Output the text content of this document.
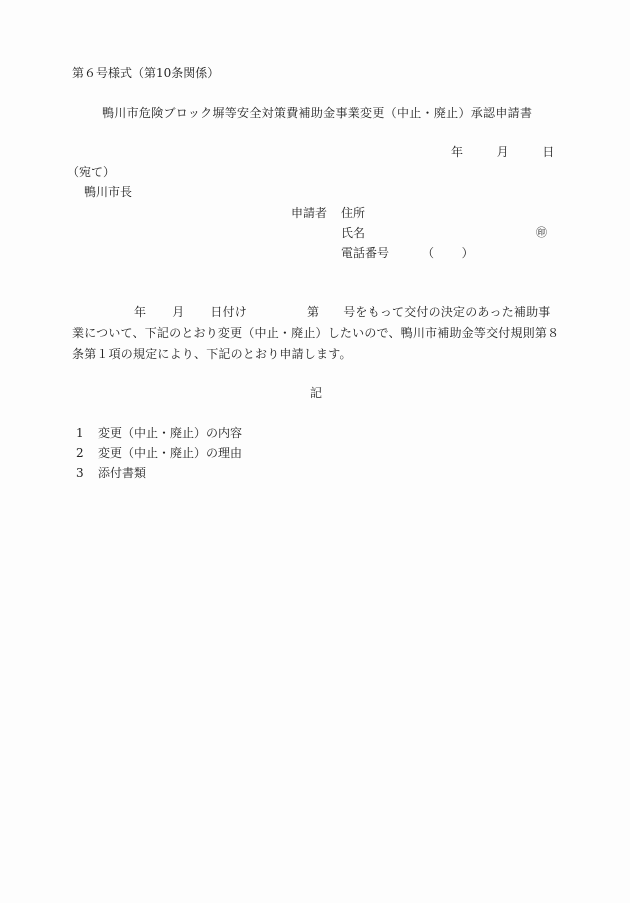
第６号様式（第10条関係）
鴨川市危険ブロック塀等安全対策費補助金事業変更（中止・廃止）承認申請書
年	月	日
（宛て）
鴨川市長
申請者 住所
氏名	㊞
電話番号	（ ）
年 月 日付け	第 号をもって交付の決定のあった補助事
業について、下記のとおり変更（中止・廃止）したいので、鴨川市補助金等交付規則第８
条第１項の規定により、下記のとおり申請します。
記
1 変更（中止・廃止）の内容
2 変更（中止・廃止）の理由
3 添付書類
